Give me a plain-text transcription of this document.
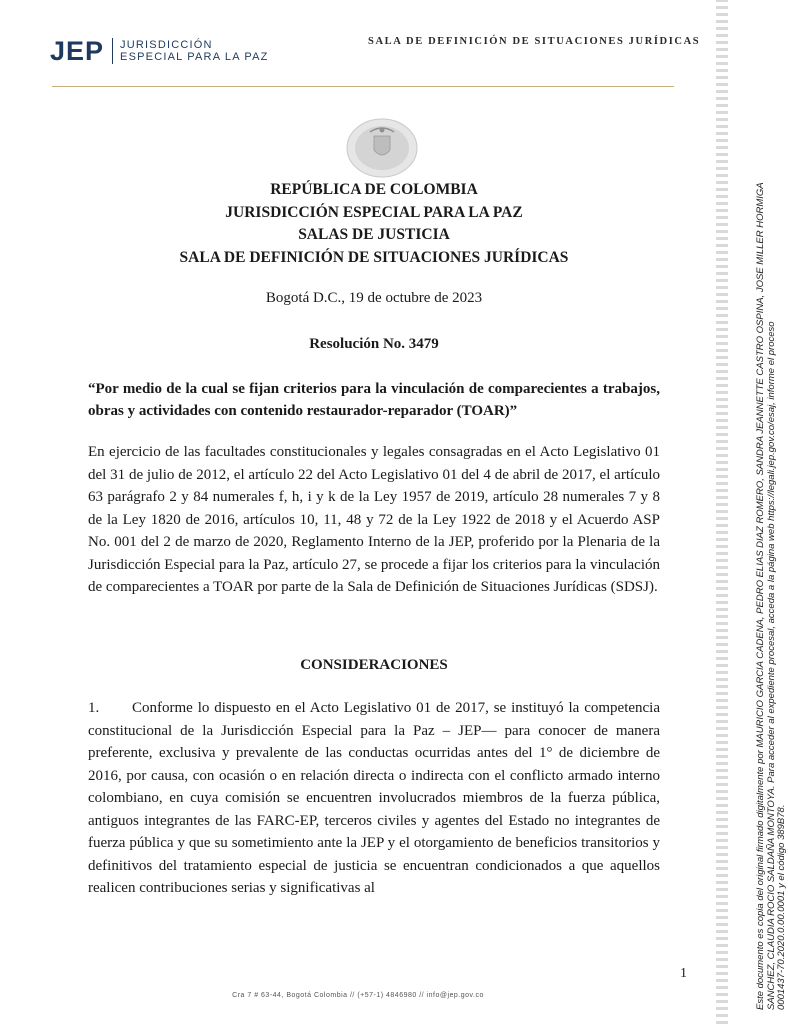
JEP JURISDICCIÓN
ESPECIAL PARA LA PAZ
SALA DE DEFINICIÓN DE SITUACIONES JURÍDICAS
REPÚBLICA DE COLOMBIA
JURISDICCIÓN ESPECIAL PARA LA PAZ
SALAS DE JUSTICIA
SALA DE DEFINICIÓN DE SITUACIONES JURÍDICAS
Bogotá D.C., 19 de octubre de 2023
Resolución No. 3479
“Por medio de la cual se fijan criterios para la vinculación de comparecientes a trabajos, obras y actividades con contenido restaurador-reparador (TOAR)”
En ejercicio de las facultades constitucionales y legales consagradas en el Acto Legislativo 01 del 31 de julio de 2012, el artículo 22 del Acto Legislativo 01 del 4 de abril de 2017, el artículo 63 parágrafo 2 y 84 numerales f, h, i y k de la Ley 1957 de 2019, artículo 28 numerales 7 y 8 de la Ley 1820 de 2016, artículos 10, 11, 48 y 72 de la Ley 1922 de 2018 y el Acuerdo ASP No. 001 del 2 de marzo de 2020, Reglamento Interno de la JEP, proferido por la Plenaria de la Jurisdicción Especial para la Paz, artículo 27, se procede a fijar los criterios para la vinculación de comparecientes a TOAR por parte de la Sala de Definición de Situaciones Jurídicas (SDSJ).
CONSIDERACIONES
1. Conforme lo dispuesto en el Acto Legislativo 01 de 2017, se instituyó la competencia constitucional de la Jurisdicción Especial para la Paz – JEP— para conocer de manera preferente, exclusiva y prevalente de las conductas ocurridas antes del 1° de diciembre de 2016, por causa, con ocasión o en relación directa o indirecta con el conflicto armado interno colombiano, en cuya comisión se encuentren involucrados miembros de la fuerza pública, antiguos integrantes de las FARC-EP, terceros civiles y agentes del Estado no integrantes de fuerza pública y que su sometimiento ante la JEP y el otorgamiento de beneficios transitorios y definitivos del tratamiento especial de justicia se encuentran condicionados a que aquellos realicen contribuciones serias y significativas al
1
Cra 7 # 63-44, Bogotá Colombia // (+57-1) 4846980 // info@jep.gov.co	Este documento es copia del original firmado digitalmente por MAURICIO GARCIA CADENA, PEDRO ELIAS DIAZ ROMERO, SANDRA JEANNETTE CASTRO OSPINA, JOSE MILLER HORMIGA SANCHEZ, CLAUDIA ROCIO SALDAÑA MONTOYA. Para acceder al expediente procesal, acceda a la página web https://legali.jep.gov.co/esaj, informe el proceso 0001437-70.2020.0.00.0001 y el código 389B78.
